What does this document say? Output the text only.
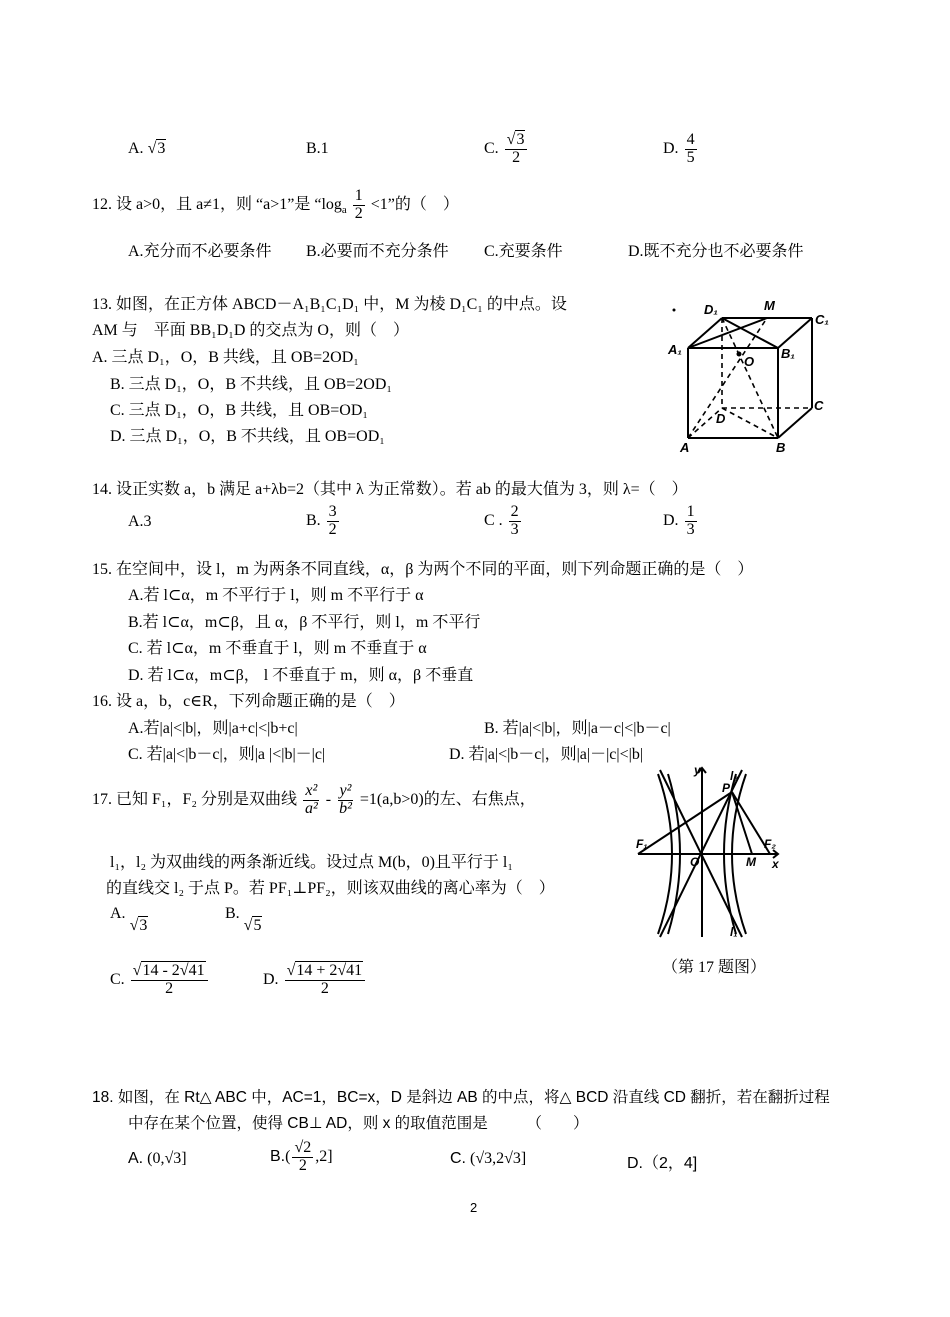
A. √3	B.1	C. $\frac{√3}{2}$	D. $\frac{4}{5}$
12. 设 a>0，且 a≠1，则 “a>1”是 “$\log_a \frac{1}{2} <1$”的（　）
A.充分而不必要条件 B.必要而不充分条件 C.充要条件	D.既不充分也不必要条件
13. 如图，在正方体 ABCD－A₁B₁C₁D₁ 中，M 为棱 D₁C₁ 的中点。设
AM 与　平面 BB₁D₁D 的交点为 O，则（　）
A. 三点 D₁，O，B 共线，且 OB=2OD₁
B. 三点 D₁，O，B 不共线，且 OB=2OD₁
C. 三点 D₁，O，B 共线，且 OB=OD₁
D. 三点 D₁，O，B 不共线，且 OB=OD₁
D₁	M
C₁
A₁	B₁
O
D
C
A	B
14. 设正实数 a，b 满足 a+λb=2（其中 λ 为正常数）。若 ab 的最大值为 3，则 λ=（　）
A.3	B. $\frac{3}{2}$	C . $\frac{2}{3}$	D. $\frac{1}{3}$
15. 在空间中，设 l，m 为两条不同直线，α，β 为两个不同的平面，则下列命题正确的是（　）
A.若 l⊂α，m 不平行于 l，则 m 不平行于 α
B.若 l⊂α，m⊂β，且 α，β 不平行，则 l，m 不平行
C. 若 l⊂α，m 不垂直于 l，则 m 不垂直于 α
D. 若 l⊂α，m⊂β， l 不垂直于 m，则 α，β 不垂直
16. 设 a，b，c∈R，下列命题正确的是（　）
A.若|a|<|b|，则|a+c|<|b+c|	B. 若|a|<|b|，则|a－c|<|b－c|
C. 若|a|<|b－c|，则|a |<|b|－|c|	D. 若|a|<|b－c|，则|a|－|c|<|b|
17. 已知 F₁，F₂ 分别是双曲线 $\frac{\text{x²}}{\text{a²}} - \frac{\text{y²}}{\text{b²}} =1(a,b>0)$的左、右焦点，
l₁，l₂ 为双曲线的两条渐近线。设过点 M(b，0)且平行于 l₁
的直线交 l₂ 于点 P。若 PF₁⊥PF₂，则该双曲线的离心率为（　）
A. √3
B. √5
C. $\frac{√14 - 2√41}{2}$	D. $\frac{√14 + 2√41}{2}$
y l₂
P
F₁
O	M
F₂
x
l₁
（第 17 题图）
18. 如图，在 Rt△ ABC 中，AC=1，BC=x，D 是斜边 AB 的中点，将△ BCD 沿直线 CD 翻折，若在翻折过程
中存在某个位置，使得 CB⊥ AD，则 x 的取值范围是　　　（　　）
A. (0,√3]	$B.( \frac{√2}{2} ,2]$	C. (√3,2√3]	D.（2，4]
2
